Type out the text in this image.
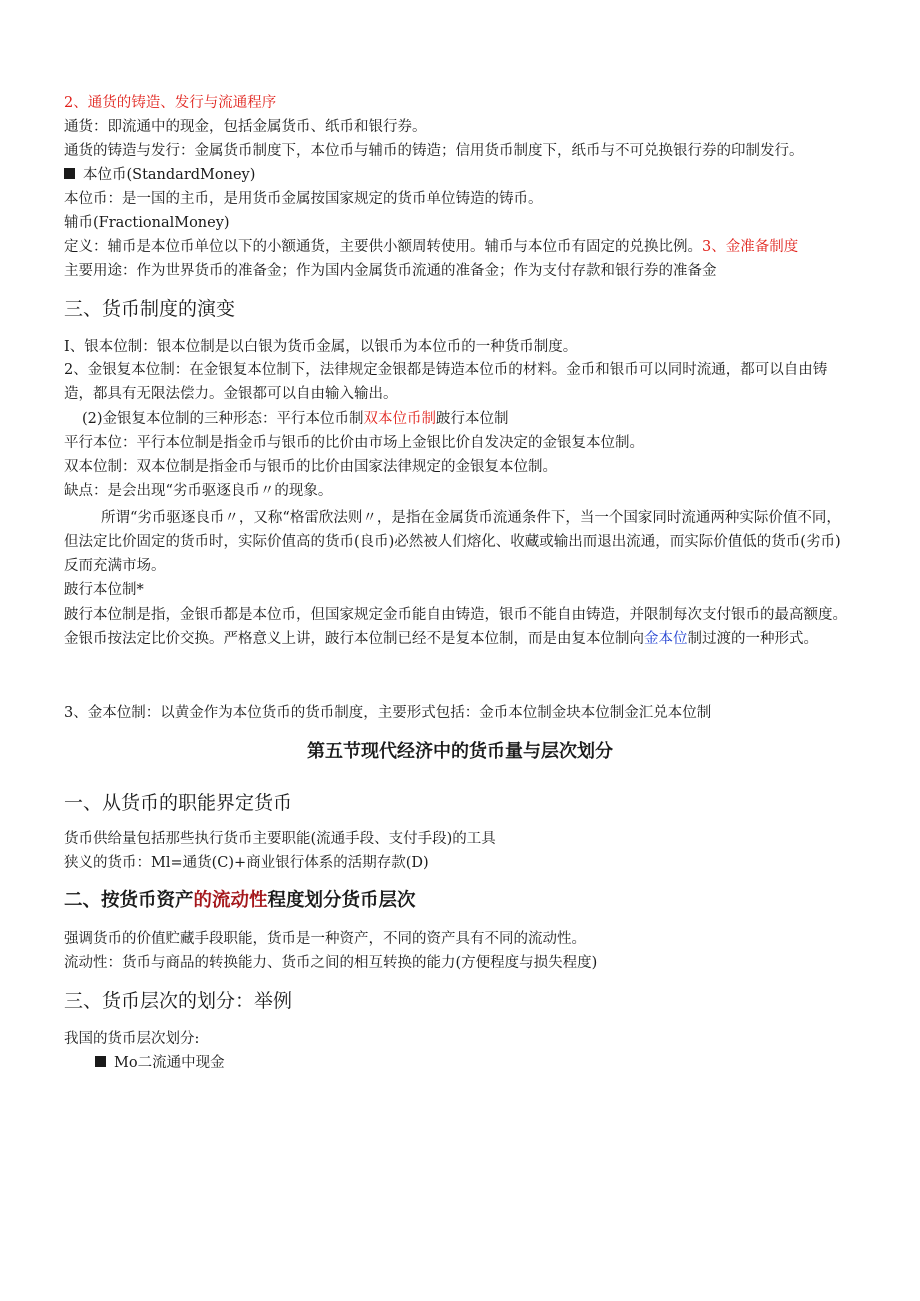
2、通货的铸造、发行与流通程序
通货：即流通中的现金，包括金属货币、纸币和银行券。
通货的铸造与发行：金属货币制度下，本位币与辅币的铸造；信用货币制度下，纸币与不可兑换银行券的印制发行。
本位币(StandardMoney)
本位币：是一国的主币，是用货币金属按国家规定的货币单位铸造的铸币。
辅币(FractionalMoney)
定义：辅币是本位币单位以下的小额通货，主要供小额周转使用。辅币与本位币有固定的兑换比例。3、金准备制度
主要用途：作为世界货币的准备金；作为国内金属货币流通的准备金；作为支付存款和银行券的准备金
三、货币制度的演变
I、银本位制：银本位制是以白银为货币金属，以银币为本位币的一种货币制度。
2、金银复本位制：在金银复本位制下，法律规定金银都是铸造本位币的材料。金币和银币可以同时流通，都可以自由铸造，都具有无限法偿力。金银都可以自由输入输出。
(2)金银复本位制的三种形态：平行本位币制双本位币制跛行本位制
平行本位：平行本位制是指金币与银币的比价由市场上金银比价自发决定的金银复本位制。
双本位制：双本位制是指金币与银币的比价由国家法律规定的金银复本位制。
缺点：是会出现“劣币驱逐良币〃的现象。
所谓“劣币驱逐良币〃，又称“格雷欣法则〃，是指在金属货币流通条件下，当一个国家同时流通两种实际价值不同，但法定比价固定的货币时，实际价值高的货币(良币)必然被人们熔化、收藏或输出而退出流通，而实际价值低的货币(劣币)反而充满市场。
跛行本位制*
跛行本位制是指，金银币都是本位币，但国家规定金币能自由铸造，银币不能自由铸造，并限制每次支付银币的最高额度。金银币按法定比价交换。严格意义上讲，跛行本位制已经不是复本位制，而是由复本位制向金本位制过渡的一种形式。
3、金本位制：以黄金作为本位货币的货币制度，主要形式包括：金币本位制金块本位制金汇兑本位制
第五节现代经济中的货币量与层次划分
一、从货币的职能界定货币
货币供给量包括那些执行货币主要职能(流通手段、支付手段)的工具
狭义的货币：Ml=通货(C)+商业银行体系的活期存款(D)
二、按货币资产的流动性程度划分货币层次
强调货币的价值贮藏手段职能，货币是一种资产，不同的资产具有不同的流动性。
流动性：货币与商品的转换能力、货币之间的相互转换的能力(方便程度与损失程度)
三、货币层次的划分：举例
我国的货币层次划分:
Mo二流通中现金
